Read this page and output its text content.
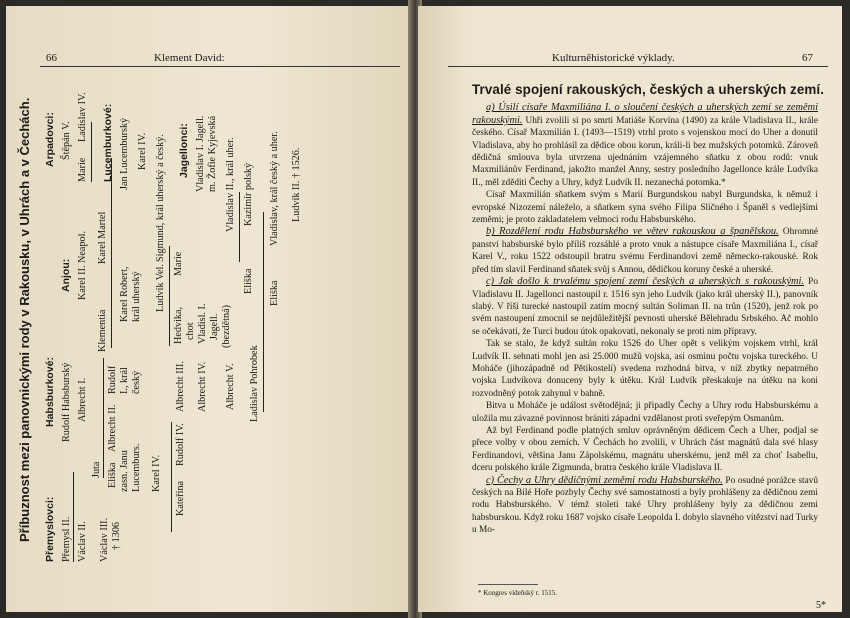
66	Klement David:
Příbuznost mezi panovnickými rody v Rakousku, v Uhrách a v Čechách. Přemyslovci: Přemysl II. Václav II. Václav III. † 1306
Habsburkové: Rudolf Habsburský Albrecht I.
Juta Eliška zasn. Janu Lucemburs.
Albrecht II.
Rudolf I., král český
Karel IV.
Kateřina
Rudolf IV.
Albrecht III. Albrecht IV. Albrecht V. Ladislav Pohrobek
Anjou: Karel II. Neapol.
Klementia
Karel Martel
Karel Robert, král uherský Ludvík Vel.
Hedvika, chot Vladisl. I. Jagell. (bezdětná)
Marie
Eliška Eliška
Arpadovci: Štěpán V.
Marie
Ladislav IV. Lucemburkové: Jan Lucemburský Karel IV. Sigmund, král uherský a český. Jagellonci: Vladislav I. Jagell. m. Žofie Kyjevská Vladislav II., král uher. Kazimír polský Vladislav, král český a uher. Ludvík II. † 1526.
Kulturněhistorické výklady.	67
Trvalé spojení rakouských, českých a uherských zemí.

a) Úsilí císaře Maxmiliána I. o sloučení českých a uherských zemí se zeměmi rakouskými. Uhři zvolili si po smrti Matiáše Korvína (1490) za krále Vladislava II., krále českého. Císař Maxmilián I. (1493—1519) vtrhl proto s vojenskou mocí do Uher a donutil Vladislava, aby ho prohlásil za dědice obou korun, králi-li bez mužských potomků. Zároveň dědičná smlouva byla utvrzena ujednáním vzájemného sňatku z obou rodů: vnuk Maxmiliánův Ferdinand, jakožto manžel Anny, sestry posledního Jagellonce krále Ludvíka II., měl zděditi Čechy a Uhry, když Ludvík II. nezanechá potomka.*

Císař Maxmilián sňatkem svým s Marií Burgundskou nabyl Burgundska, k němuž i evropské Nizozemí náleželo, a sňatkem syna svého Filipa Sličného i Španěl s vedlejšími zeměmi; je proto zakladatelem velmoci rodu Habsburského.

b) Rozdělení rodu Habsburského ve větev rakouskou a španělskou. Ohromné panství habsburské bylo příliš rozsáhlé a proto vnuk a nástupce císaře Maxmiliána I., císař Karel V., roku 1522 odstoupil bratru svému Ferdinandovi země německo-rakouské. Rok před tím slavil Ferdinand sňatek svůj s Annou, dědičkou koruny české a uherské.

c) Jak došlo k trvalému spojení zemí českých a uherských s rakouskými. Po Vladislavu II. Jagellonci nastoupil r. 1516 syn jeho Ludvík (jako král uherský II.), panovník slabý. V říši turecké nastoupil zatím mocný sultán Soliman II. na trůn (1520), jenž rok po svém nastoupení zmocnil se nejdůležitější pevnosti uherské Bělehradu Srbského. Ač mohlo se očekávati, že Turci budou útok opakovati, nekonaly se proti nim přípravy.

Tak se stalo, že když sultán roku 1526 do Uher opět s velikým vojskem vtrhl, král Ludvík II. sehnati mohl jen asi 25.000 mužů vojska, asi osminu počtu vojska tureckého. U Moháče (jihozápadně od Pětikostelí) svedena rozhodná bitva, v níž zbytky nepatrného vojska Ludvíkova donuceny byly k útěku. Král Ludvík přeskakuje na útěku na koni rozvodněný potok zahynul v bahně.

Bitva u Moháče je událost světodějná; ji připadly Čechy a Uhry rodu Habsburskému a uložila mu závazné povinnost brániti západní vzdělanost proti sveřepým Osmanům.

Až byl Ferdinand podle platných smluv oprávněným dědicem Čech a Uher, podjal se přece volby v obou zemích. V Čechách ho zvolili, v Uhrách část magnátů dala své hlasy Ferdinandovi, většina Janu Zápolskému, magnátu uherskému, jenž měl za choť Isabellu, dceru polského krále Zigmunda, bratra českého krále Vladislava II.

c) Čechy a Uhry dědičnými zeměmi rodu Habsburského. Po osudné porážce stavů českých na Bílé Hoře pozbyly Čechy své samostatnosti a byly prohlášeny za dědičnou zemi rodu Habsburského. V témž století také Uhry prohlášeny byly za dědičnou zemi habsburskou. Když roku 1687 vojsko císaře Leopolda I. dobylo slavného vítězství nad Turky u Mo-

* Kongres vídeňský r. 1515.
5*
